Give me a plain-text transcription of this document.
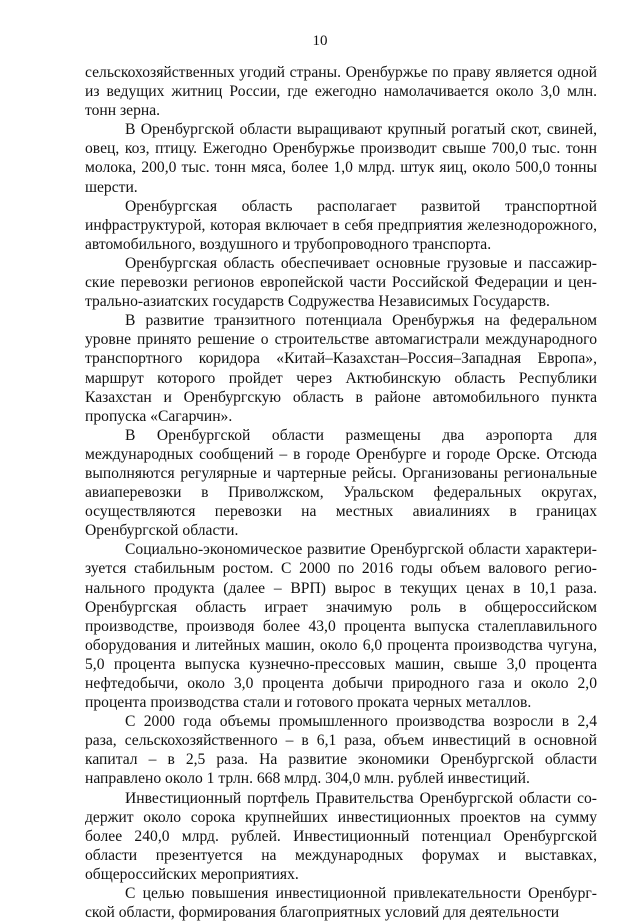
10

сельскохозяйственных угодий страны. Оренбуржье по праву является одной из ведущих житниц России, где ежегодно намолачивается около 3,0 млн. тонн зерна.

В Оренбургской области выращивают крупный рогатый скот, свиней, овец, коз, птицу. Ежегодно Оренбуржье производит свыше 700,0 тыс. тонн молока, 200,0 тыс. тонн мяса, более 1,0 млрд. штук яиц, около 500,0 тонны шерсти.

Оренбургская область располагает развитой транспортной инфраструктурой, которая включает в себя предприятия железнодорожного, автомобильного, воздушного и трубопроводного транспорта.

Оренбургская область обеспечивает основные грузовые и пассажирские перевозки регионов европейской части Российской Федерации и центрально-азиатских государств Содружества Независимых Государств.

В развитие транзитного потенциала Оренбуржья на федеральном уровне принято решение о строительстве автомагистрали международного транспортного коридора «Китай–Казахстан–Россия–Западная Европа», маршрут которого пройдет через Актюбинскую область Республики Казахстан и Оренбургскую область в районе автомобильного пункта пропуска «Сагарчин».

В Оренбургской области размещены два аэропорта для международных сообщений – в городе Оренбурге и городе Орске. Отсюда выполняются регулярные и чартерные рейсы. Организованы региональные авиаперевозки в Приволжском, Уральском федеральных округах, осуществляются перевозки на местных авиалиниях в границах Оренбургской области.

Социально-экономическое развитие Оренбургской области характеризуется стабильным ростом. С 2000 по 2016 годы объем валового регионального продукта (далее – ВРП) вырос в текущих ценах в 10,1 раза. Оренбургская область играет значимую роль в общероссийском производстве, производя более 43,0 процента выпуска сталеплавильного оборудования и литейных машин, около 6,0 процента производства чугуна, 5,0 процента выпуска кузнечно-прессовых машин, свыше 3,0 процента нефтедобычи, около 3,0 процента добычи природного газа и около 2,0 процента производства стали и готового проката черных металлов.

С 2000 года объемы промышленного производства возросли в 2,4 раза, сельскохозяйственного – в 6,1 раза, объем инвестиций в основной капитал – в 2,5 раза. На развитие экономики Оренбургской области направлено около 1 трлн. 668 млрд. 304,0 млн. рублей инвестиций.

Инвестиционный портфель Правительства Оренбургской области содержит около сорока крупнейших инвестиционных проектов на сумму более 240,0 млрд. рублей. Инвестиционный потенциал Оренбургской области презентуется на международных форумах и выставках, общероссийских мероприятиях.

С целью повышения инвестиционной привлекательности Оренбургской области, формирования благоприятных условий для деятельности
